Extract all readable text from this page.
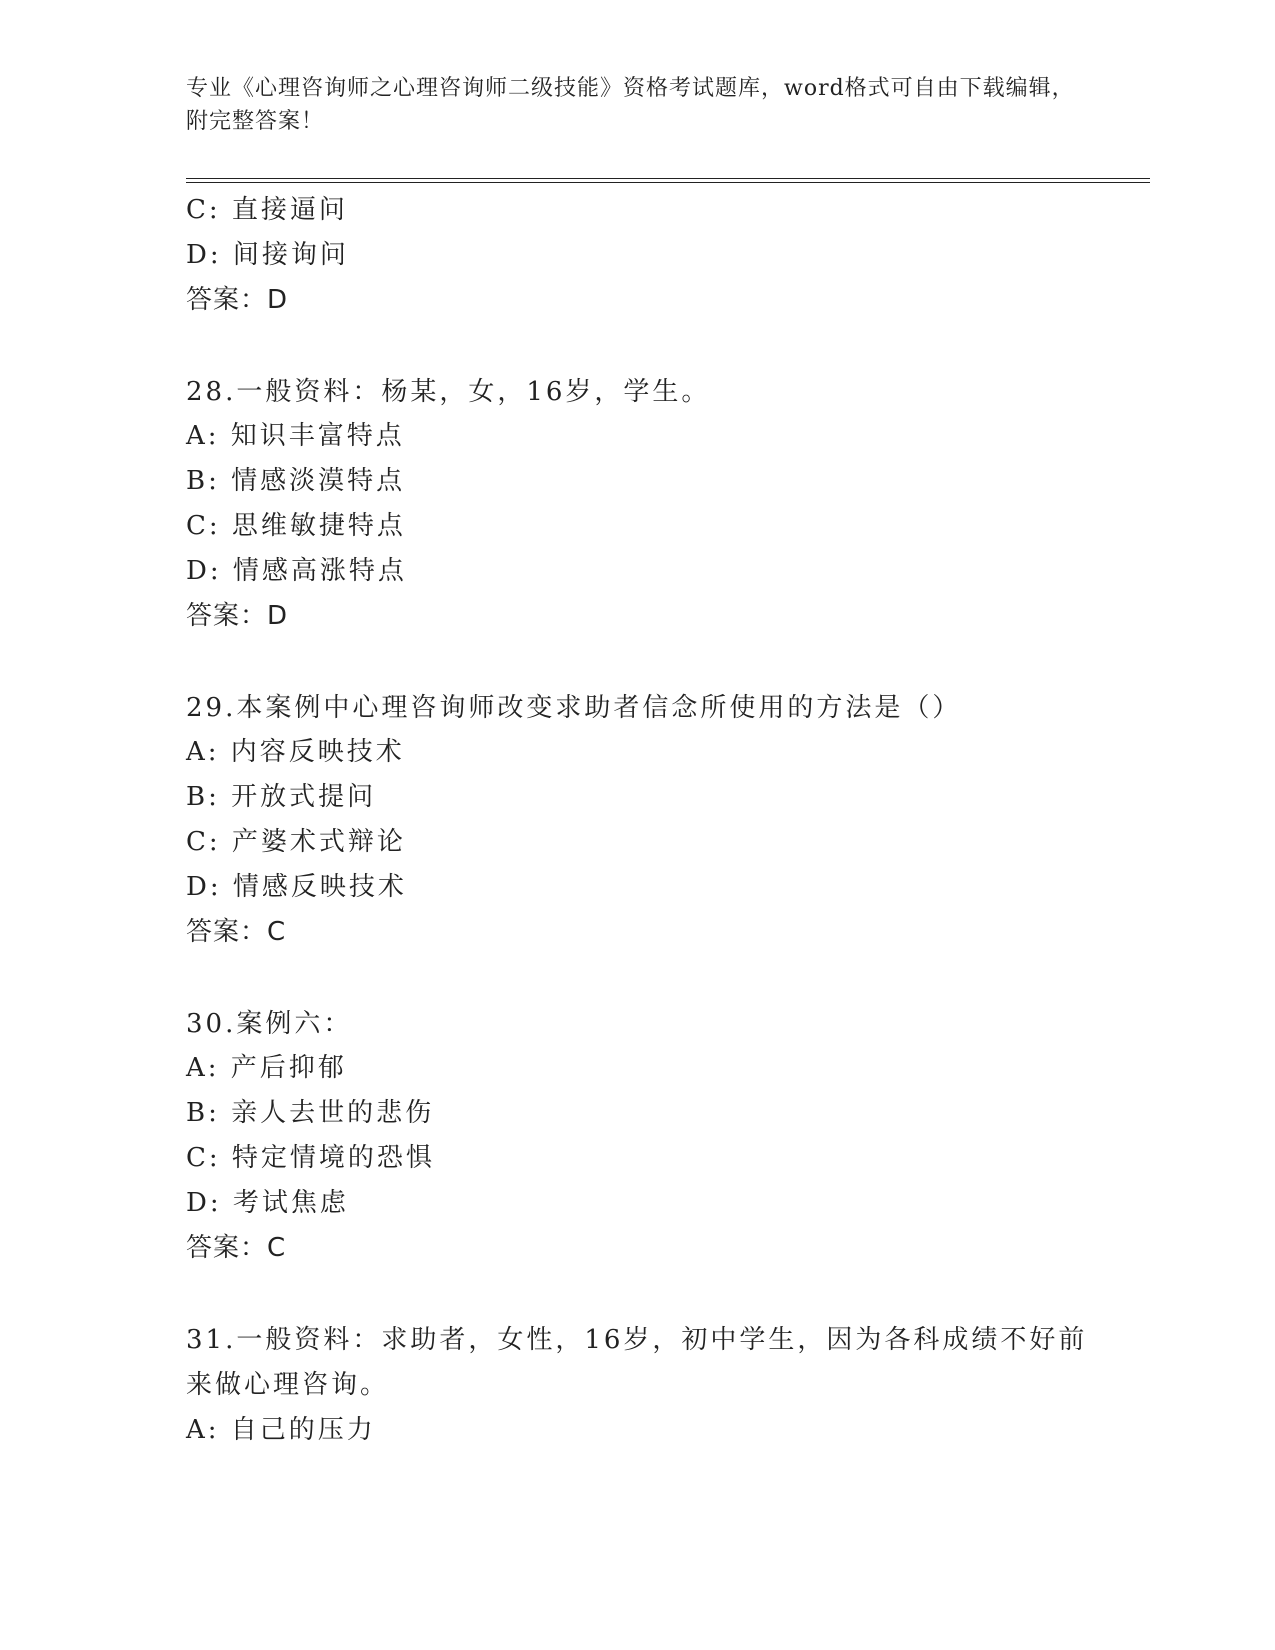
专业《心理咨询师之心理咨询师二级技能》资格考试题库，word格式可自由下载编辑，附完整答案！
C: 直接逼问
D: 间接询问
答案：D
28.一般资料：杨某，女，16岁，学生。
A: 知识丰富特点
B: 情感淡漠特点
C: 思维敏捷特点
D: 情感高涨特点
答案：D
29.本案例中心理咨询师改变求助者信念所使用的方法是（）
A: 内容反映技术
B: 开放式提问
C: 产婆术式辩论
D: 情感反映技术
答案：C
30.案例六：
A: 产后抑郁
B: 亲人去世的悲伤
C: 特定情境的恐惧
D: 考试焦虑
答案：C
31.一般资料：求助者，女性，16岁，初中学生，因为各科成绩不好前
来做心理咨询。
A: 自己的压力
